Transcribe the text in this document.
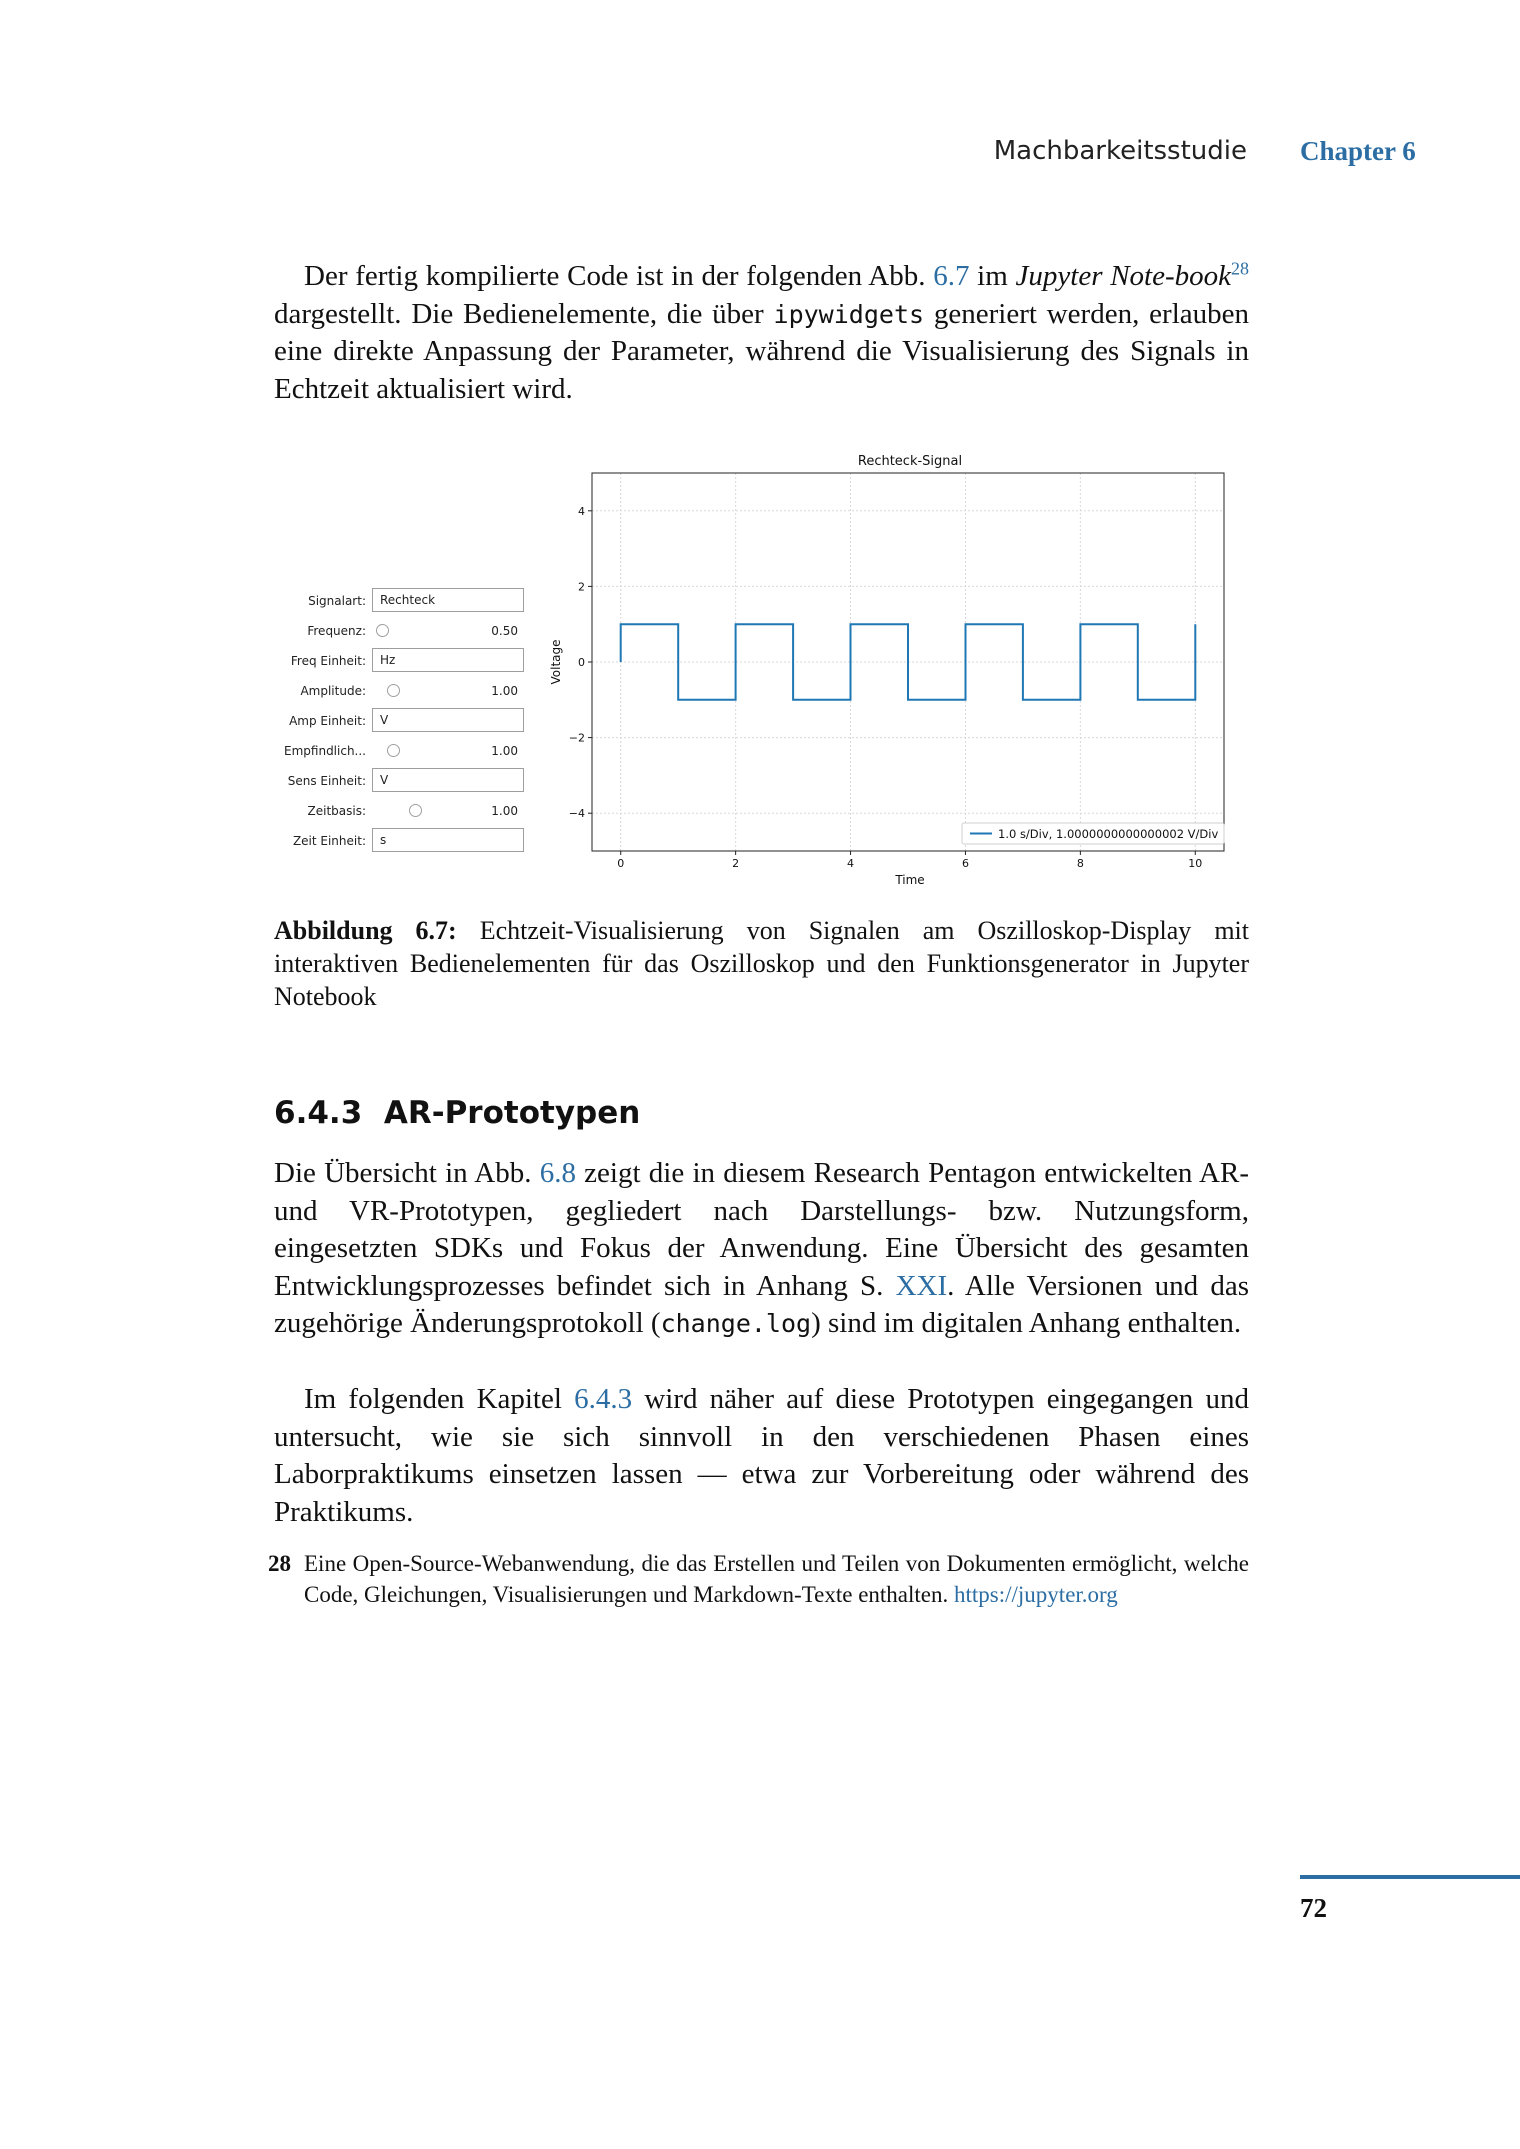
Machbarkeitsstudie Chapter 6
Der fertig kompilierte Code ist in der folgenden Abb. 6.7 im Jupyter Note-book$^{28}$ dargestellt. Die Bedienelemente, die über ipywidgets generiert werden, erlauben eine direkte Anpassung der Parameter, während die Visualisierung des Signals in Echtzeit aktualisiert wird.
Signalart:	Rechteck
Frequenz:	0.50
Freq Einheit:	Hz
Amplitude:	1.00
Amp Einheit:	V
Empfindlich...	1.00
Sens Einheit:	V
Zeitbasis:	1.00
Zeit Einheit:	s
0	2	4	6	8	10
−4
−2
0
2
4
Rechteck-Signal
Time
Voltage
1.0 s/Div, 1.0000000000000002 V/Div
Abbildung 6.7: Echtzeit-Visualisierung von Signalen am Oszilloskop-Display mit interaktiven Bedienelementen für das Oszilloskop und den Funktionsgenerator in Jupyter Notebook
6.4.3 AR-Prototypen
Die Übersicht in Abb. 6.8 zeigt die in diesem Research Pentagon entwickelten AR- und VR-Prototypen, gegliedert nach Darstellungs- bzw. Nutzungsform, eingesetzten SDKs und Fokus der Anwendung. Eine Übersicht des gesamten Entwicklungsprozesses befindet sich in Anhang S. XXI. Alle Versionen und das zugehörige Änderungsprotokoll (change.log) sind im digitalen Anhang enthalten.
Im folgenden Kapitel 6.4.3 wird näher auf diese Prototypen eingegangen und untersucht, wie sie sich sinnvoll in den verschiedenen Phasen eines Laborpraktikums einsetzen lassen — etwa zur Vorbereitung oder während des Praktikums.
28 Eine Open-Source-Webanwendung, die das Erstellen und Teilen von Dokumenten ermöglicht, welche Code, Gleichungen, Visualisierungen und Markdown-Texte enthalten. https://jupyter.org
72
